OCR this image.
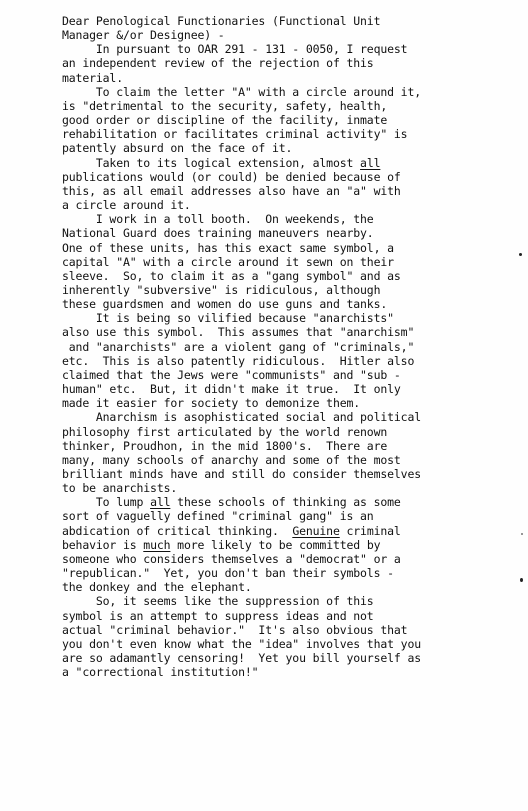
Dear Penological Functionaries (Functional Unit
Manager &/or Designee) -
In pursuant to OAR 291 - 131 - 0050, I request
an independent review of the rejection of this
material.
To claim the letter "A" with a circle around it,
is "detrimental to the security, safety, health,
good order or discipline of the facility, inmate
rehabilitation or facilitates criminal activity" is
patently absurd on the face of it.
Taken to its logical extension, almost all
publications would (or could) be denied because of
this, as all email addresses also have an "a" with
a circle around it.
I work in a toll booth.  On weekends, the
National Guard does training maneuvers nearby.
One of these units, has this exact same symbol, a
capital "A" with a circle around it sewn on their
sleeve.  So, to claim it as a "gang symbol" and as
inherently "subversive" is ridiculous, although
these guardsmen and women do use guns and tanks.
It is being so vilified because "anarchists"
also use this symbol.  This assumes that "anarchism"
and "anarchists" are a violent gang of "criminals,"
etc.  This is also patently ridiculous.  Hitler also
claimed that the Jews were "communists" and "sub -
human" etc.  But, it didn't make it true.  It only
made it easier for society to demonize them.
Anarchism is asophisticated social and political
philosophy first articulated by the world renown
thinker, Proudhon, in the mid 1800's.  There are
many, many schools of anarchy and some of the most
brilliant minds have and still do consider themselves
to be anarchists.
To lump all these schools of thinking as some
sort of vaguelly defined "criminal gang" is an
abdication of critical thinking.  Genuine criminal
behavior is much more likely to be committed by
someone who considers themselves a "democrat" or a
"republican."  Yet, you don't ban their symbols -
the donkey and the elephant.
So, it seems like the suppression of this
symbol is an attempt to suppress ideas and not
actual "criminal behavior."  It's also obvious that
you don't even know what the "idea" involves that you
are so adamantly censoring!  Yet you bill yourself as
a "correctional institution!"
